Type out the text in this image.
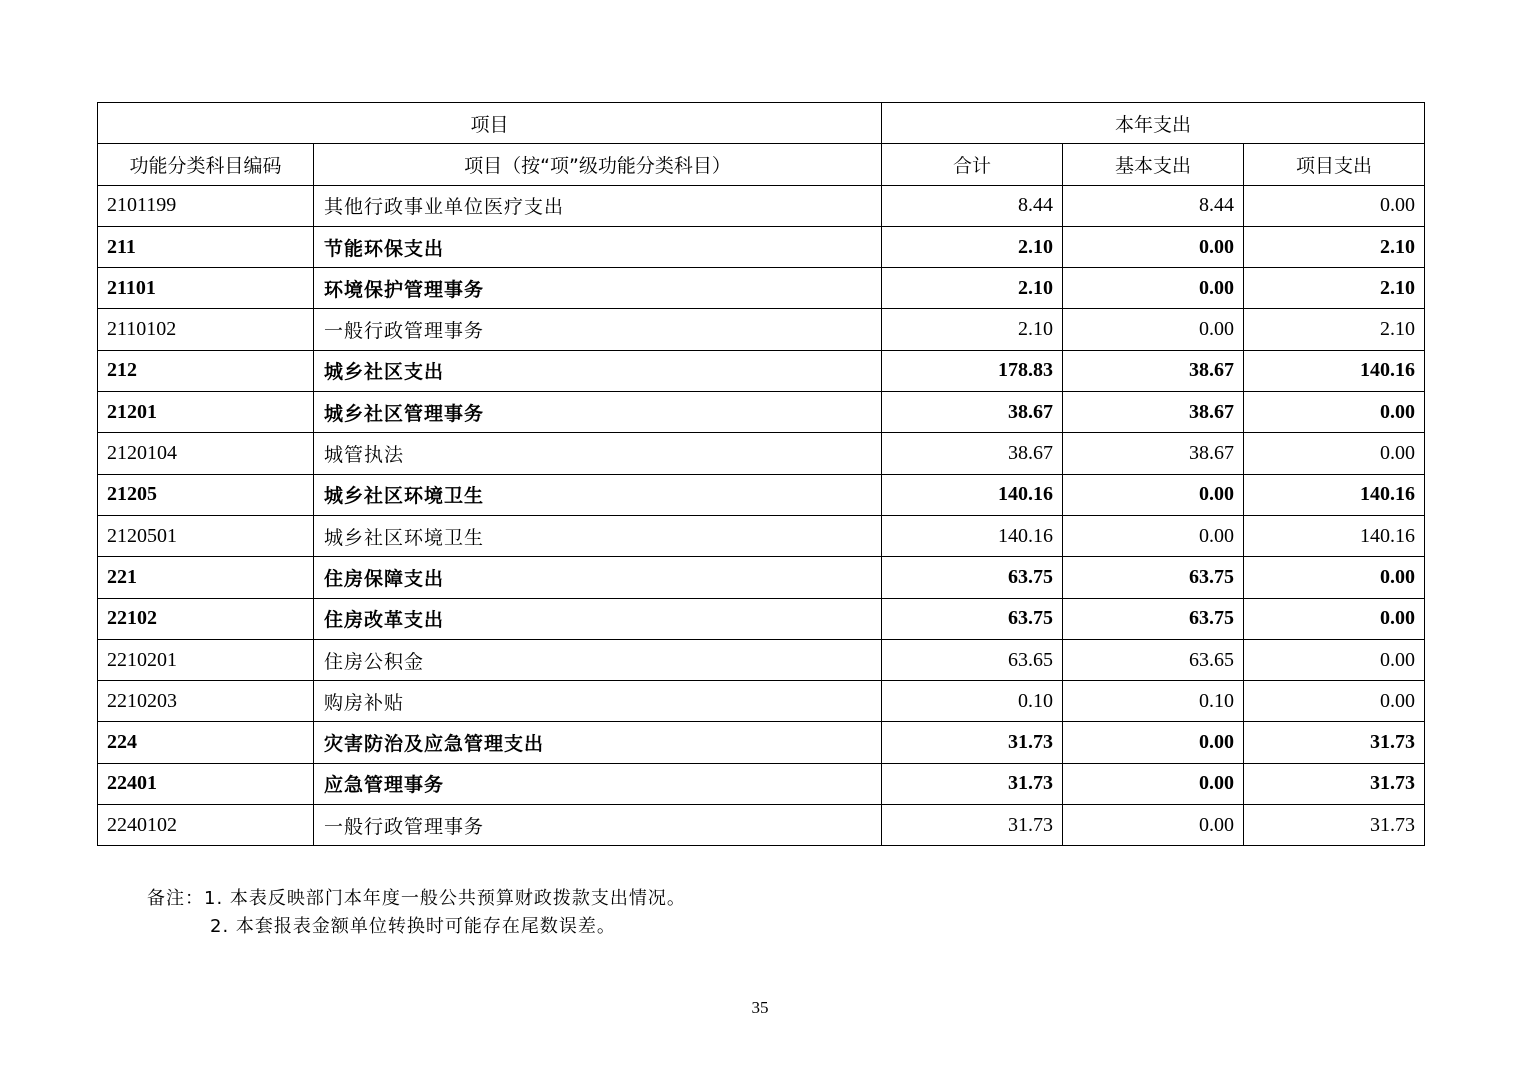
项目		本年支出		
功能分类科目编码	项目（按“项”级功能分类科目）	合计	基本支出	项目支出
2101199	其他行政事业单位医疗支出	8.44	8.44	0.00
211	节能环保支出	2.10	0.00	2.10
21101	环境保护管理事务	2.10	0.00	2.10
2110102	一般行政管理事务	2.10	0.00	2.10
212	城乡社区支出	178.83	38.67	140.16
21201	城乡社区管理事务	38.67	38.67	0.00
2120104	城管执法	38.67	38.67	0.00
21205	城乡社区环境卫生	140.16	0.00	140.16
2120501	城乡社区环境卫生	140.16	0.00	140.16
221	住房保障支出	63.75	63.75	0.00
22102	住房改革支出	63.75	63.75	0.00
2210201	住房公积金	63.65	63.65	0.00
2210203	购房补贴	0.10	0.10	0.00
224	灾害防治及应急管理支出	31.73	0.00	31.73
22401	应急管理事务	31.73	0.00	31.73
2240102	一般行政管理事务	31.73	0.00	31.73
备注：1. 本表反映部门本年度一般公共预算财政拨款支出情况。
2. 本套报表金额单位转换时可能存在尾数误差。
35
